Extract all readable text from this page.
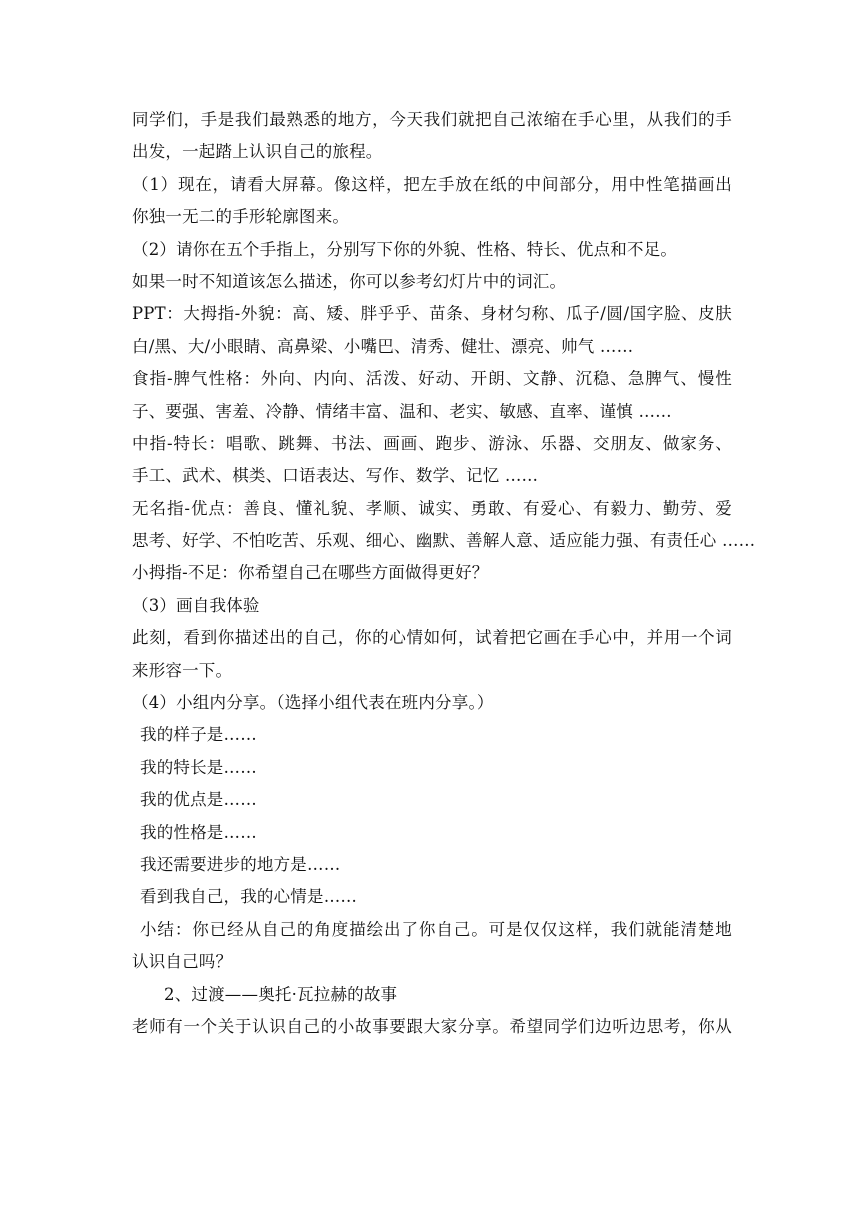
同学们，手是我们最熟悉的地方，今天我们就把自己浓缩在手心里，从我们的手
出发，一起踏上认识自己的旅程。
（1）现在，请看大屏幕。像这样，把左手放在纸的中间部分，用中性笔描画出
你独一无二的手形轮廓图来。
（2）请你在五个手指上，分别写下你的外貌、性格、特长、优点和不足。
如果一时不知道该怎么描述，你可以参考幻灯片中的词汇。
PPT：大拇指-外貌：高、矮、胖乎乎、苗条、身材匀称、瓜子/圆/国字脸、皮肤
白/黑、大/小眼睛、高鼻梁、小嘴巴、清秀、健壮、漂亮、帅气 ……
食指-脾气性格：外向、内向、活泼、好动、开朗、文静、沉稳、急脾气、慢性
子、要强、害羞、冷静、情绪丰富、温和、老实、敏感、直率、谨慎 ……
中指-特长：唱歌、跳舞、书法、画画、跑步、游泳、乐器、交朋友、做家务、
手工、武术、棋类、口语表达、写作、数学、记忆 ……
无名指-优点：善良、懂礼貌、孝顺、诚实、勇敢、有爱心、有毅力、勤劳、爱
思考、好学、不怕吃苦、乐观、细心、幽默、善解人意、适应能力强、有责任心 ……
小拇指-不足：你希望自己在哪些方面做得更好？
（3）画自我体验
此刻，看到你描述出的自己，你的心情如何，试着把它画在手心中，并用一个词
来形容一下。
（4）小组内分享。（选择小组代表在班内分享。）
我的样子是……
我的特长是……
我的优点是……
我的性格是……
我还需要进步的地方是……
看到我自己，我的心情是……
小结：你已经从自己的角度描绘出了你自己。可是仅仅这样，我们就能清楚地
认识自己吗？
2、过渡——奥托·瓦拉赫的故事
老师有一个关于认识自己的小故事要跟大家分享。希望同学们边听边思考，你从
